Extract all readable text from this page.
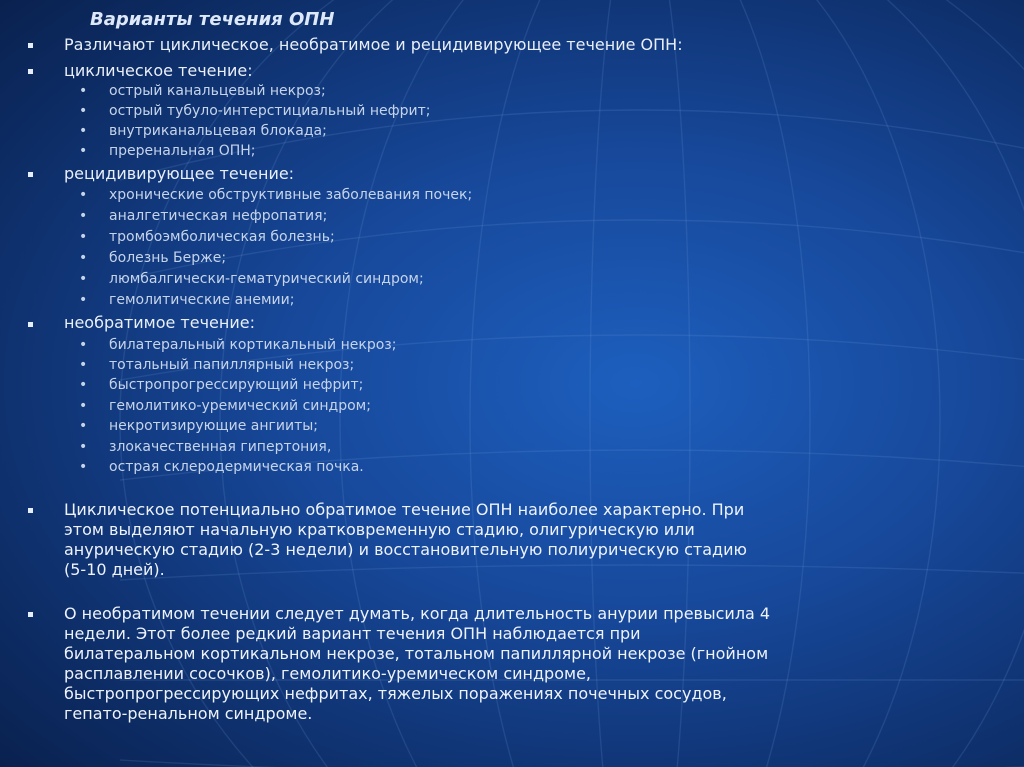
Варианты течения ОПН
Различают циклическое, необратимое и рецидивирующее течение ОПН:
циклическое течение:
• острый канальцевый некроз;
• острый тубуло-интерстициальный нефрит;
• внутриканальцевая блокада;
• преренальная ОПН;
рецидивирующее течение:
• хронические обструктивные заболевания почек;
• аналгетическая нефропатия;
• тромбоэмболическая болезнь;
• болезнь Берже;
• люмбалгически-гематурический синдром;
• гемолитические анемии;
необратимое течение:
• билатеральный кортикальный некроз;
• тотальный папиллярный некроз;
• быстропрогрессирующий нефрит;
• гемолитико-уремический синдром;
• некротизирующие ангииты;
• злокачественная гипертония,
• острая склеродермическая почка.
Циклическое потенциально обратимое течение ОПН наиболее характерно. При
этом выделяют начальную кратковременную стадию, олигурическую или
анурическую стадию (2-3 недели) и восстановительную полиурическую стадию
(5-10 дней).
О необратимом течении следует думать, когда длительность анурии превысила 4
недели. Этот более редкий вариант течения ОПН наблюдается при
билатеральном кортикальном некрозе, тотальном папиллярной некрозе (гнойном
расплавлении сосочков), гемолитико-уремическом синдроме,
быстропрогрессирующих нефритах, тяжелых поражениях почечных сосудов,
гепато-ренальном синдроме.
